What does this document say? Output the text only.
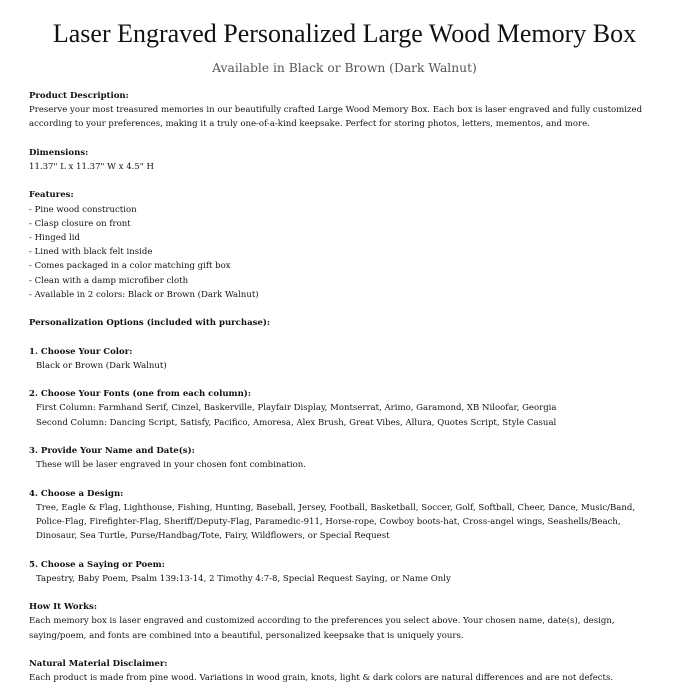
Laser Engraved Personalized Large Wood Memory Box
Available in Black or Brown (Dark Walnut)
Product Description:
Preserve your most treasured memories in our beautifully crafted Large Wood Memory Box. Each box is laser engraved and fully customized according to your preferences, making it a truly one-of-a-kind keepsake. Perfect for storing photos, letters, mementos, and more.
Dimensions:
11.37" L x 11.37" W x 4.5" H
Features:
- Pine wood construction
- Clasp closure on front
- Hinged lid
- Lined with black felt inside
- Comes packaged in a color matching gift box
- Clean with a damp microfiber cloth
- Available in 2 colors: Black or Brown (Dark Walnut)
Personalization Options (included with purchase):
1. Choose Your Color:
Black or Brown (Dark Walnut)
2. Choose Your Fonts (one from each column):
First Column: Farmhand Serif, Cinzel, Baskerville, Playfair Display, Montserrat, Arimo, Garamond, XB Niloofar, Georgia
Second Column: Dancing Script, Satisfy, Pacifico, Amoresa, Alex Brush, Great Vibes, Allura, Quotes Script, Style Casual
3. Provide Your Name and Date(s):
These will be laser engraved in your chosen font combination.
4. Choose a Design:
Tree, Eagle & Flag, Lighthouse, Fishing, Hunting, Baseball, Jersey, Football, Basketball, Soccer, Golf, Softball, Cheer, Dance, Music/Band, Police-Flag, Firefighter-Flag, Sheriff/Deputy-Flag, Paramedic-911, Horse-rope, Cowboy boots-hat, Cross-angel wings, Seashells/Beach, Dinosaur, Sea Turtle, Purse/Handbag/Tote, Fairy, Wildflowers, or Special Request
5. Choose a Saying or Poem:
Tapestry, Baby Poem, Psalm 139:13-14, 2 Timothy 4:7-8, Special Request Saying, or Name Only
How It Works:
Each memory box is laser engraved and customized according to the preferences you select above. Your chosen name, date(s), design, saying/poem, and fonts are combined into a beautiful, personalized keepsake that is uniquely yours.
Natural Material Disclaimer:
Each product is made from pine wood. Variations in wood grain, knots, light & dark colors are natural differences and are not defects.
